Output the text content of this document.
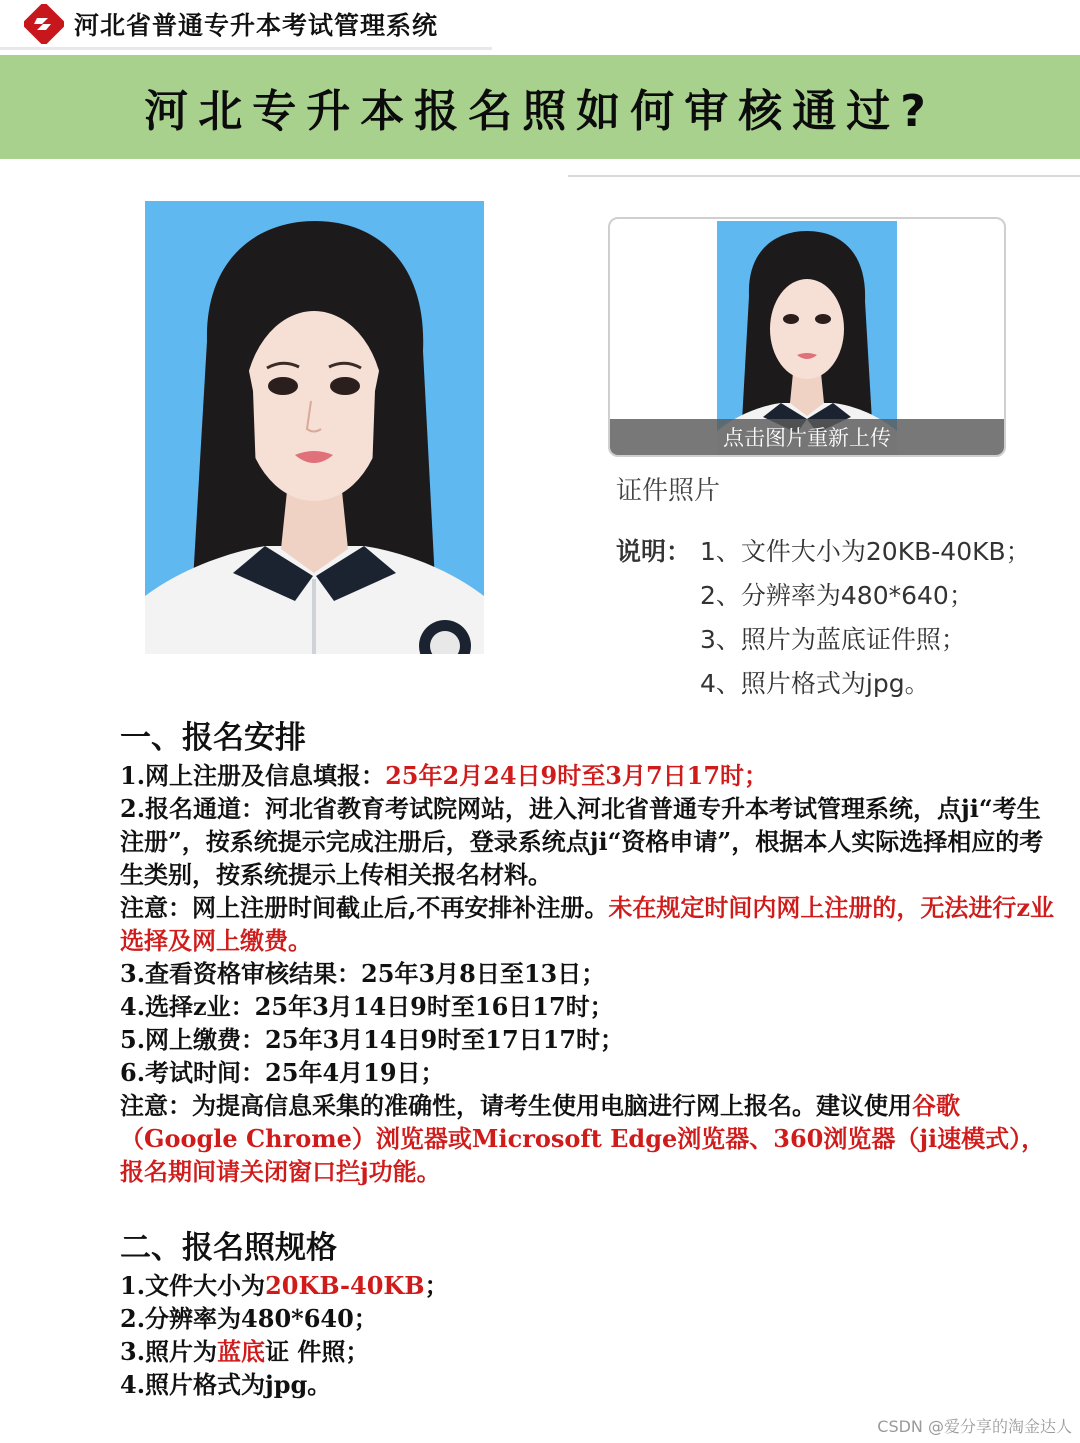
河北省普通专升本考试管理系统
河北专升本报名照如何审核通过?
点击图片重新上传
证件照片
说明： 1、文件大小为20KB-40KB；
2、分辨率为480*640；
3、照片为蓝底证件照；
4、照片格式为jpg。
一、报名安排
1.网上注册及信息填报：25年2月24日9时至3月7日17时；
2.报名通道：河北省教育考试院网站，进入河北省普通专升本考试管理系统，点ji“考生注册”，按系统提示完成注册后，登录系统点ji“资格申请”，根据本人实际选择相应的考生类别，按系统提示上传相关报名材料。
注意：网上注册时间截止后,不再安排补注册。未在规定时间内网上注册的，无法进行z业选择及网上缴费。
3.查看资格审核结果：25年3月8日至13日；
4.选择z业：25年3月14日9时至16日17时；
5.网上缴费：25年3月14日9时至17日17时；
6.考试时间：25年4月19日；
注意：为提高信息采集的准确性，请考生使用电脑进行网上报名。建议使用谷歌（Google Chrome）浏览器或Microsoft Edge浏览器、360浏览器（ji速模式），报名期间请关闭窗口拦j功能。
二、报名照规格
1.文件大小为20KB-40KB；
2.分辨率为480*640；
3.照片为蓝底证 件照；
4.照片格式为jpg。
CSDN @爱分享的淘金达人
